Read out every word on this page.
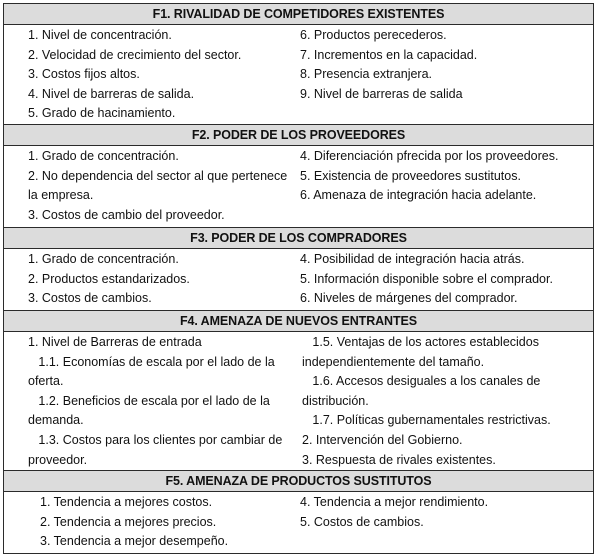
F1. RIVALIDAD DE COMPETIDORES EXISTENTES
1. Nivel de concentración.
2. Velocidad de crecimiento del sector.
3. Costos fijos altos.
4. Nivel de barreras de salida.
5. Grado de hacinamiento.
6. Productos perecederos.
7. Incrementos en la capacidad.
8. Presencia extranjera.
9. Nivel de barreras de salida
F2. PODER DE LOS PROVEEDORES
1. Grado de concentración.
2. No dependencia del sector al que pertenece la empresa.
3. Costos de cambio del proveedor.
4. Diferenciación pfrecida por los proveedores.
5. Existencia de proveedores sustitutos.
6. Amenaza de integración hacia adelante.
F3. PODER DE LOS COMPRADORES
1. Grado de concentración.
2. Productos estandarizados.
3. Costos de cambios.
4. Posibilidad de integración hacia atrás.
5. Información disponible sobre el comprador.
6. Niveles de márgenes del comprador.
F4. AMENAZA DE NUEVOS ENTRANTES
1. Nivel de Barreras de entrada
1.1. Economías de escala por el lado de la oferta.
1.2. Beneficios de escala por el lado de la demanda.
1.3. Costos para los clientes por cambiar de proveedor.
1.5. Ventajas de los actores establecidos independientemente del tamaño.
1.6. Accesos desiguales a los canales de distribución.
1.7. Políticas gubernamentales restrictivas.
2. Intervención del Gobierno.
3. Respuesta de rivales existentes.
F5. AMENAZA DE PRODUCTOS SUSTITUTOS
1. Tendencia a mejores costos.
2. Tendencia a mejores precios.
3. Tendencia a mejor desempeño.
4. Tendencia a mejor rendimiento.
5. Costos de cambios.
